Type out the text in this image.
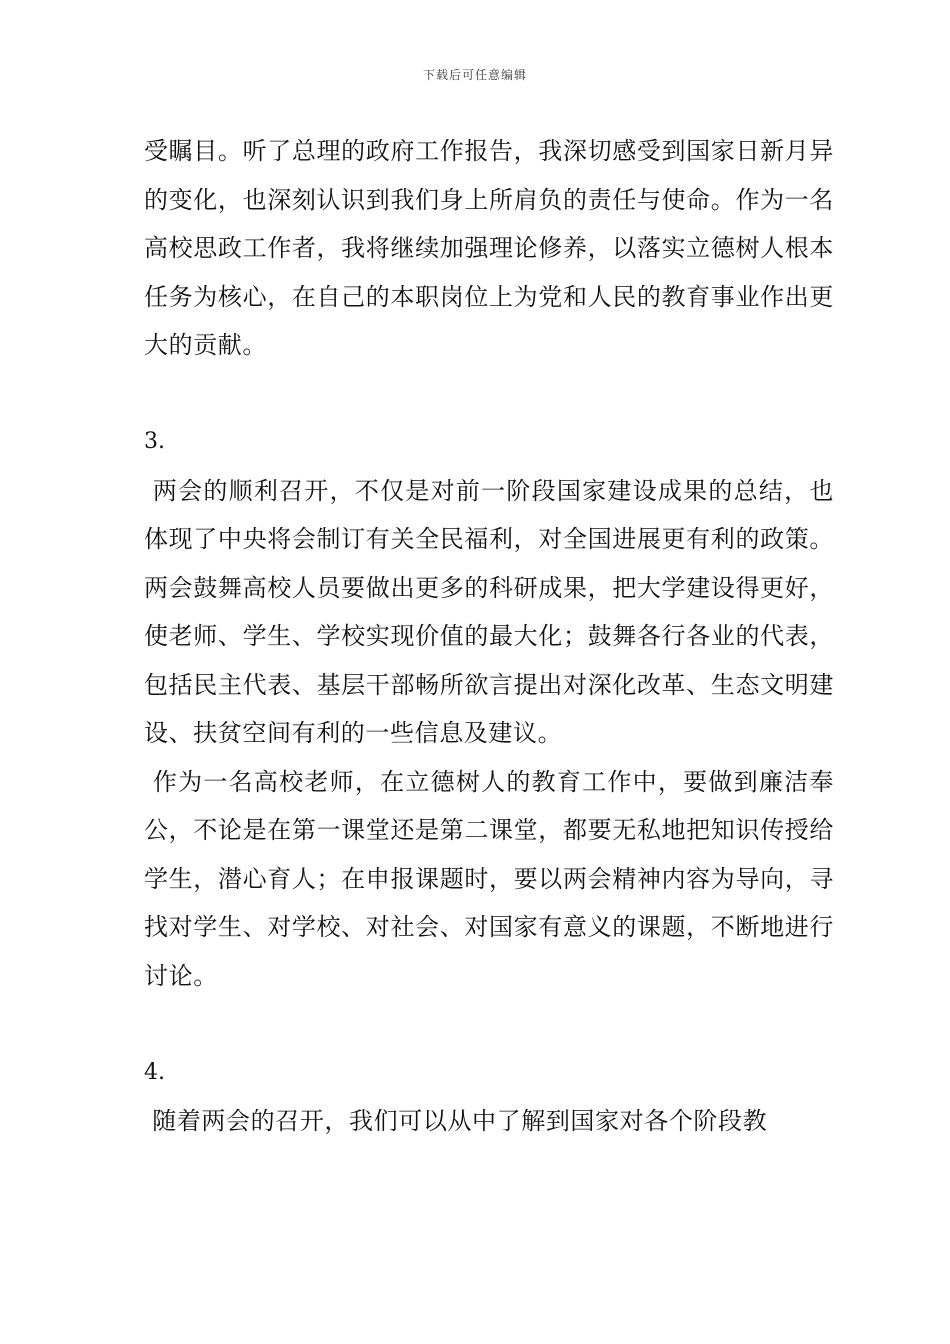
下载后可任意编辑

受瞩目。听了总理的政府工作报告，我深切感受到国家日新月异的变化，也深刻认识到我们身上所肩负的责任与使命。作为一名高校思政工作者，我将继续加强理论修养，以落实立德树人根本任务为核心，在自己的本职岗位上为党和人民的教育事业作出更大的贡献。

3.

两会的顺利召开，不仅是对前一阶段国家建设成果的总结，也体现了中央将会制订有关全民福利，对全国进展更有利的政策。两会鼓舞高校人员要做出更多的科研成果，把大学建设得更好，使老师、学生、学校实现价值的最大化；鼓舞各行各业的代表，包括民主代表、基层干部畅所欲言提出对深化改革、生态文明建设、扶贫空间有利的一些信息及建议。

作为一名高校老师，在立德树人的教育工作中，要做到廉洁奉公，不论是在第一课堂还是第二课堂，都要无私地把知识传授给学生，潜心育人；在申报课题时，要以两会精神内容为导向，寻找对学生、对学校、对社会、对国家有意义的课题，不断地进行讨论。

4.

随着两会的召开，我们可以从中了解到国家对各个阶段教
